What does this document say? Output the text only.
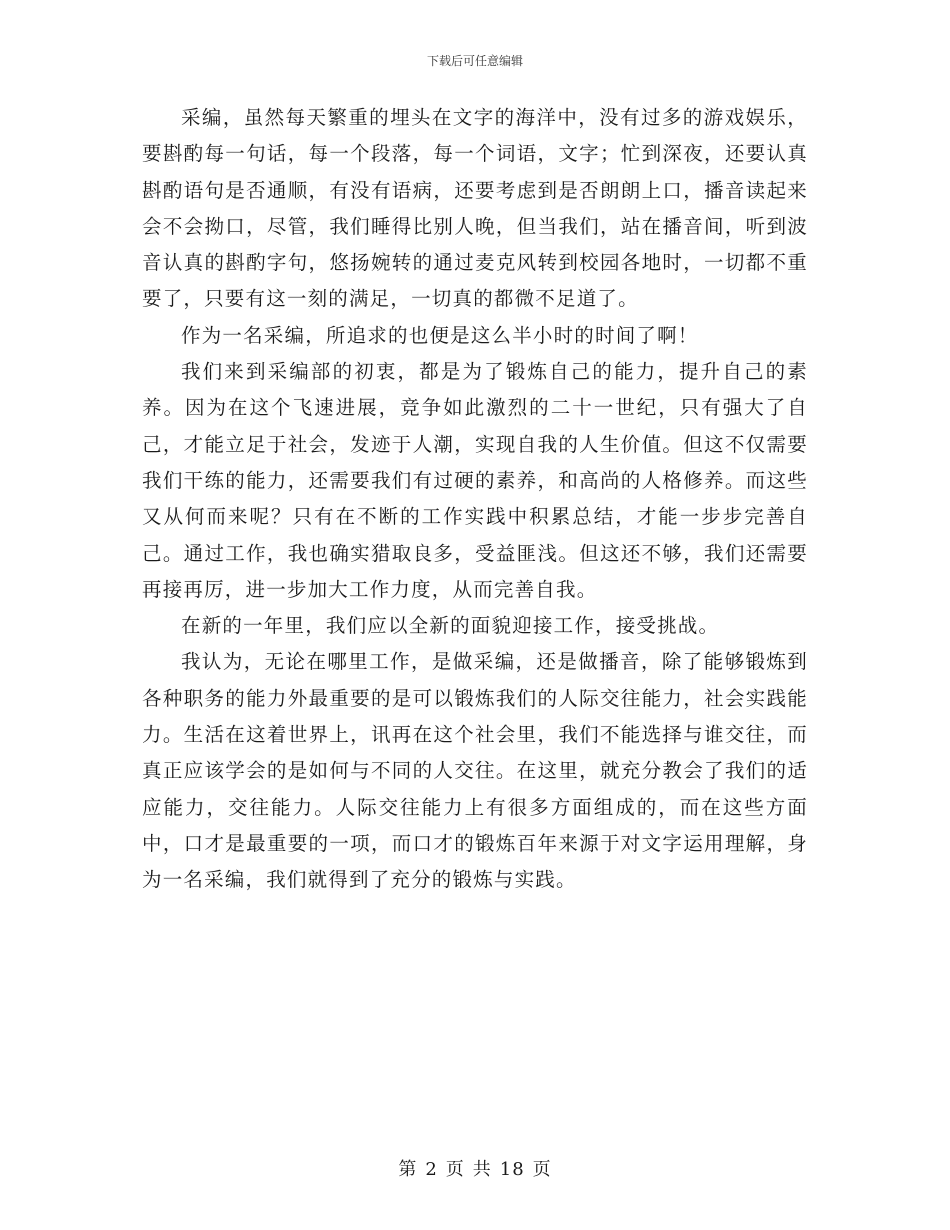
下载后可任意编辑

采编，虽然每天繁重的埋头在文字的海洋中，没有过多的游戏娱乐，要斟酌每一句话，每一个段落，每一个词语，文字；忙到深夜，还要认真斟酌语句是否通顺，有没有语病，还要考虑到是否朗朗上口，播音读起来会不会拗口，尽管，我们睡得比别人晚，但当我们，站在播音间，听到波音认真的斟酌字句，悠扬婉转的通过麦克风转到校园各地时，一切都不重要了，只要有这一刻的满足，一切真的都微不足道了。

作为一名采编，所追求的也便是这么半小时的时间了啊！

我们来到采编部的初衷，都是为了锻炼自己的能力，提升自己的素养。因为在这个飞速进展，竞争如此激烈的二十一世纪，只有强大了自己，才能立足于社会，发迹于人潮，实现自我的人生价值。但这不仅需要我们干练的能力，还需要我们有过硬的素养，和高尚的人格修养。而这些又从何而来呢？只有在不断的工作实践中积累总结，才能一步步完善自己。通过工作，我也确实猎取良多，受益匪浅。但这还不够，我们还需要再接再厉，进一步加大工作力度，从而完善自我。

在新的一年里，我们应以全新的面貌迎接工作，接受挑战。

我认为，无论在哪里工作，是做采编，还是做播音，除了能够锻炼到各种职务的能力外最重要的是可以锻炼我们的人际交往能力，社会实践能力。生活在这着世界上，讯再在这个社会里，我们不能选择与谁交往，而真正应该学会的是如何与不同的人交往。在这里，就充分教会了我们的适应能力，交往能力。人际交往能力上有很多方面组成的，而在这些方面中，口才是最重要的一项，而口才的锻炼百年来源于对文字运用理解，身为一名采编，我们就得到了充分的锻炼与实践。

第 2 页 共 18 页
